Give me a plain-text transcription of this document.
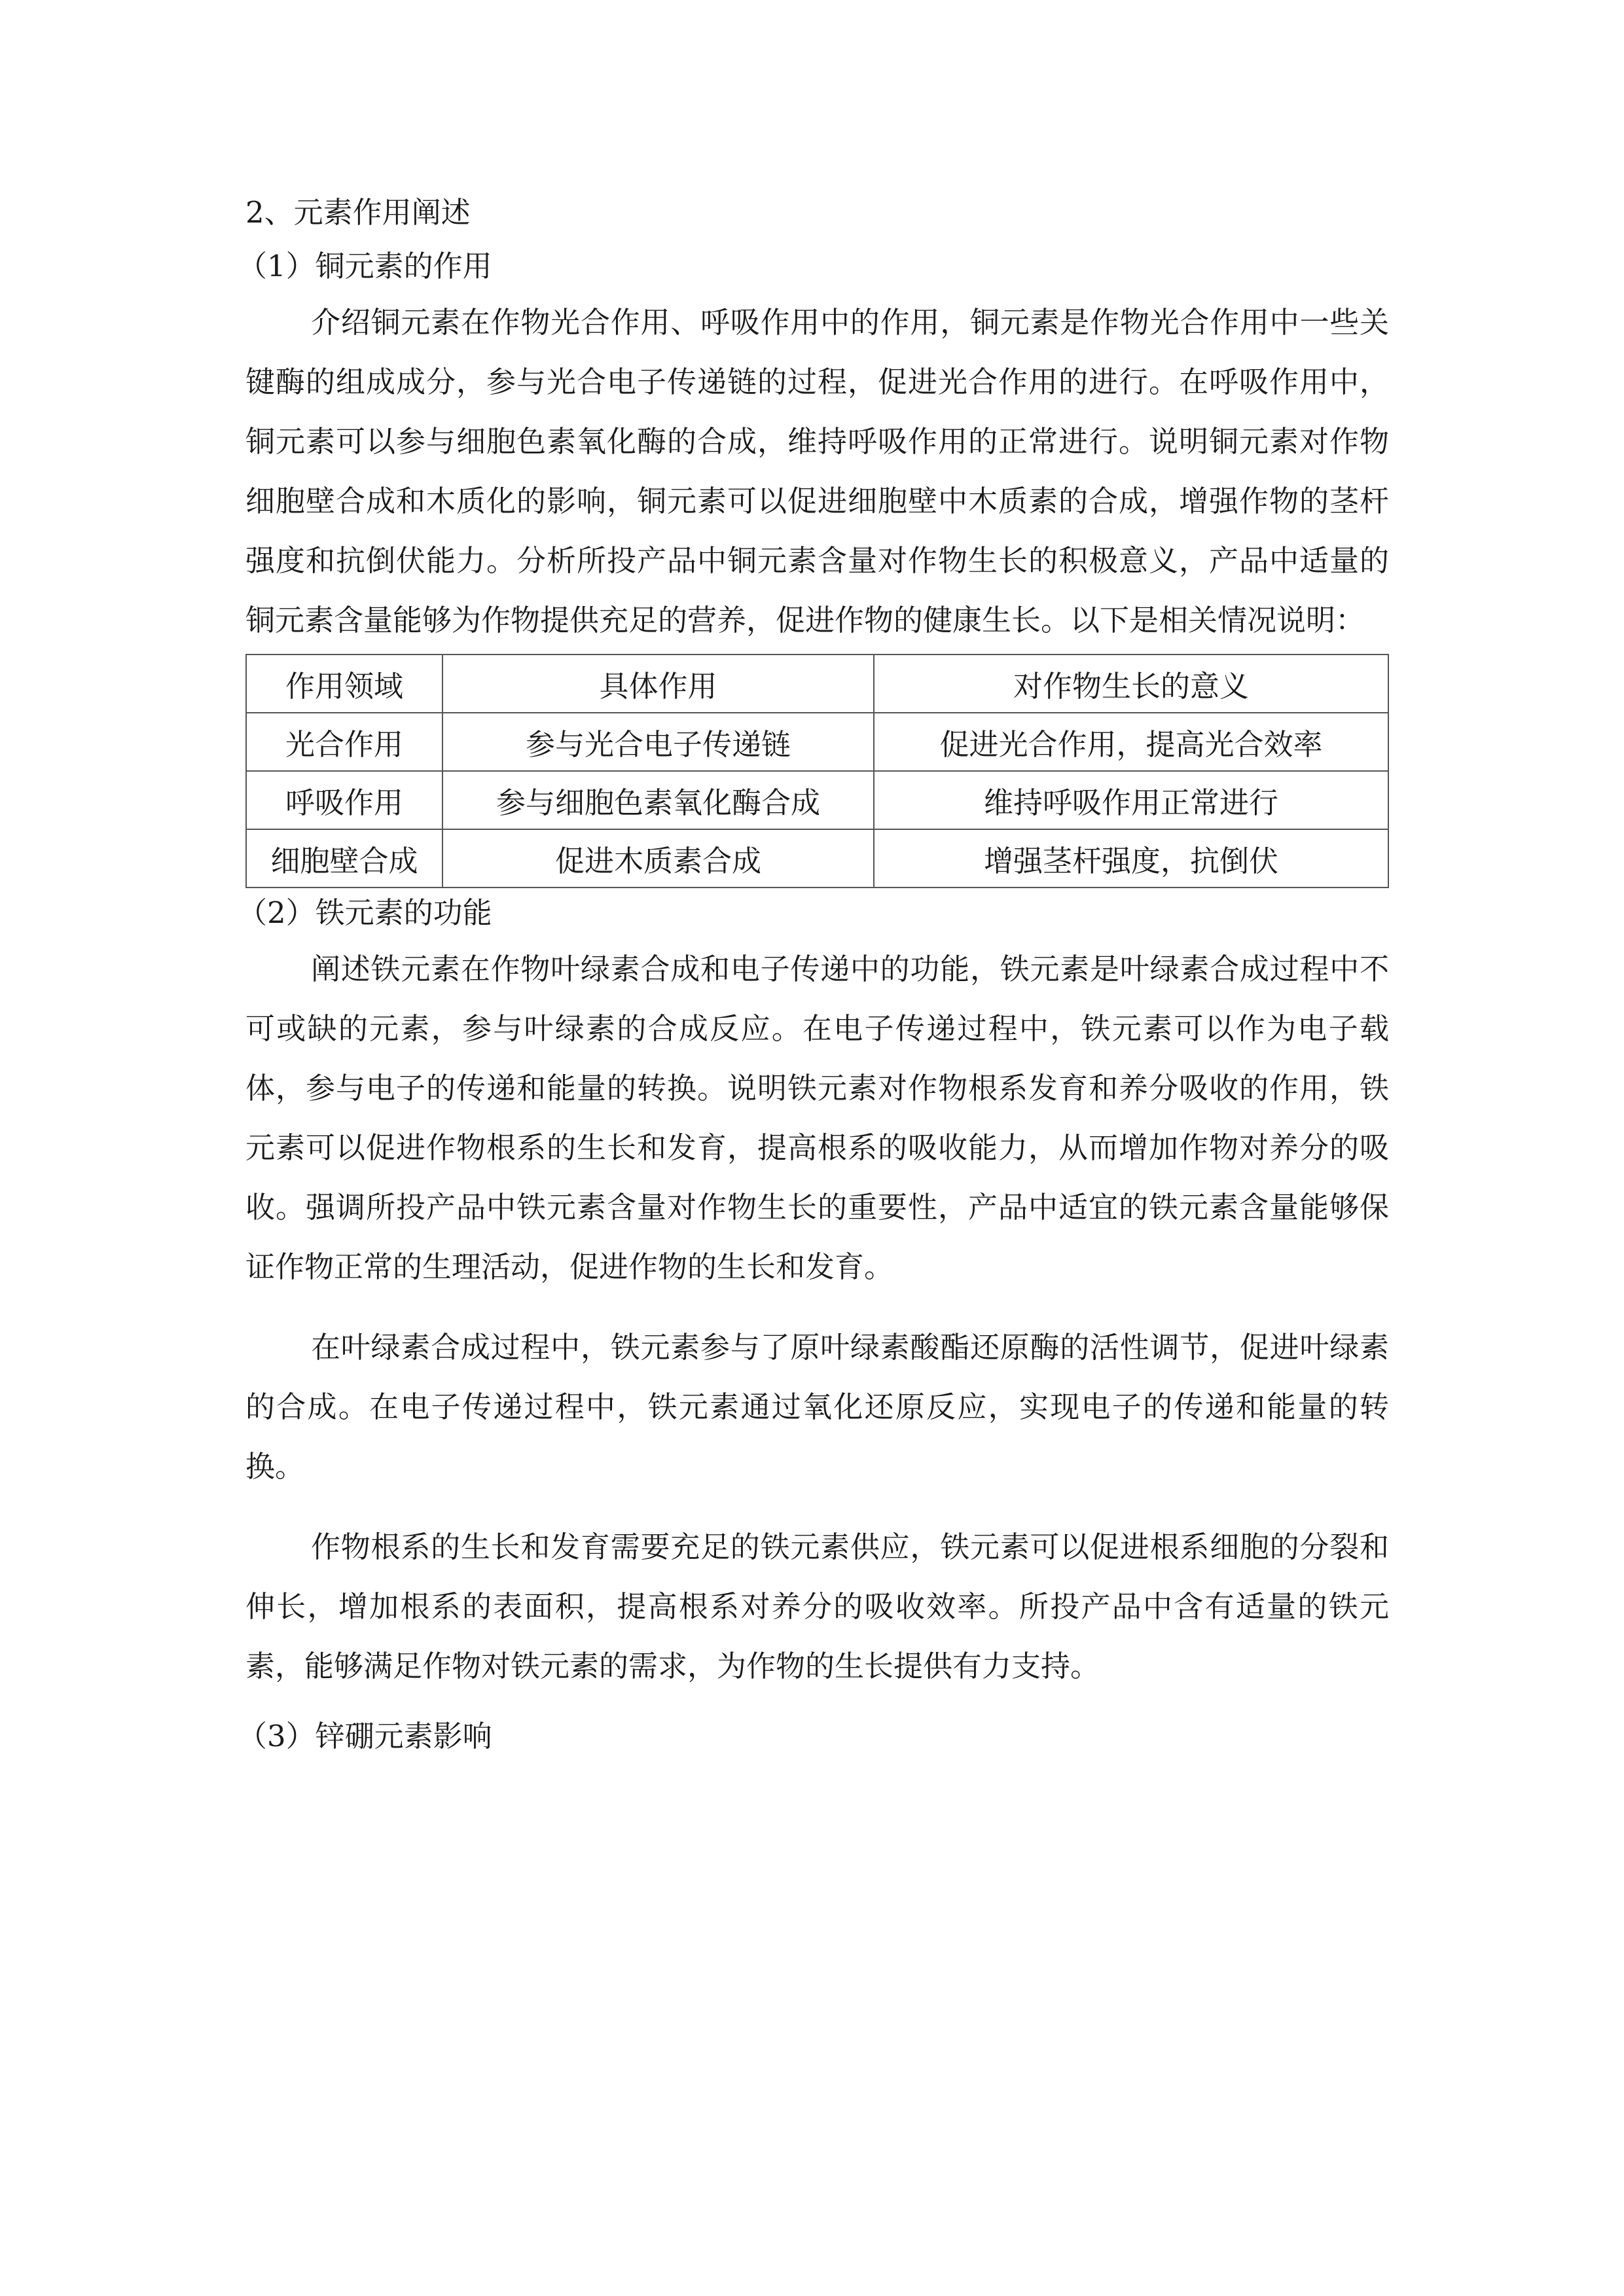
2、元素作用阐述
（1）铜元素的作用

介绍铜元素在作物光合作用、呼吸作用中的作用，铜元素是作物光合作用中一些关键酶的组成成分，参与光合电子传递链的过程，促进光合作用的进行。在呼吸作用中，铜元素可以参与细胞色素氧化酶的合成，维持呼吸作用的正常进行。说明铜元素对作物细胞壁合成和木质化的影响，铜元素可以促进细胞壁中木质素的合成，增强作物的茎杆强度和抗倒伏能力。分析所投产品中铜元素含量对作物生长的积极意义，产品中适量的铜元素含量能够为作物提供充足的营养，促进作物的健康生长。以下是相关情况说明：

作用领域	具体作用	对作物生长的意义
光合作用	参与光合电子传递链	促进光合作用，提高光合效率
呼吸作用	参与细胞色素氧化酶合成	维持呼吸作用正常进行
细胞壁合成	促进木质素合成	增强茎杆强度，抗倒伏
（2）铁元素的功能

阐述铁元素在作物叶绿素合成和电子传递中的功能，铁元素是叶绿素合成过程中不可或缺的元素，参与叶绿素的合成反应。在电子传递过程中，铁元素可以作为电子载体，参与电子的传递和能量的转换。说明铁元素对作物根系发育和养分吸收的作用，铁元素可以促进作物根系的生长和发育，提高根系的吸收能力，从而增加作物对养分的吸收。强调所投产品中铁元素含量对作物生长的重要性，产品中适宜的铁元素含量能够保证作物正常的生理活动，促进作物的生长和发育。

在叶绿素合成过程中，铁元素参与了原叶绿素酸酯还原酶的活性调节，促进叶绿素的合成。在电子传递过程中，铁元素通过氧化还原反应，实现电子的传递和能量的转换。

作物根系的生长和发育需要充足的铁元素供应，铁元素可以促进根系细胞的分裂和伸长，增加根系的表面积，提高根系对养分的吸收效率。所投产品中含有适量的铁元素，能够满足作物对铁元素的需求，为作物的生长提供有力支持。

（3）锌硼元素影响
